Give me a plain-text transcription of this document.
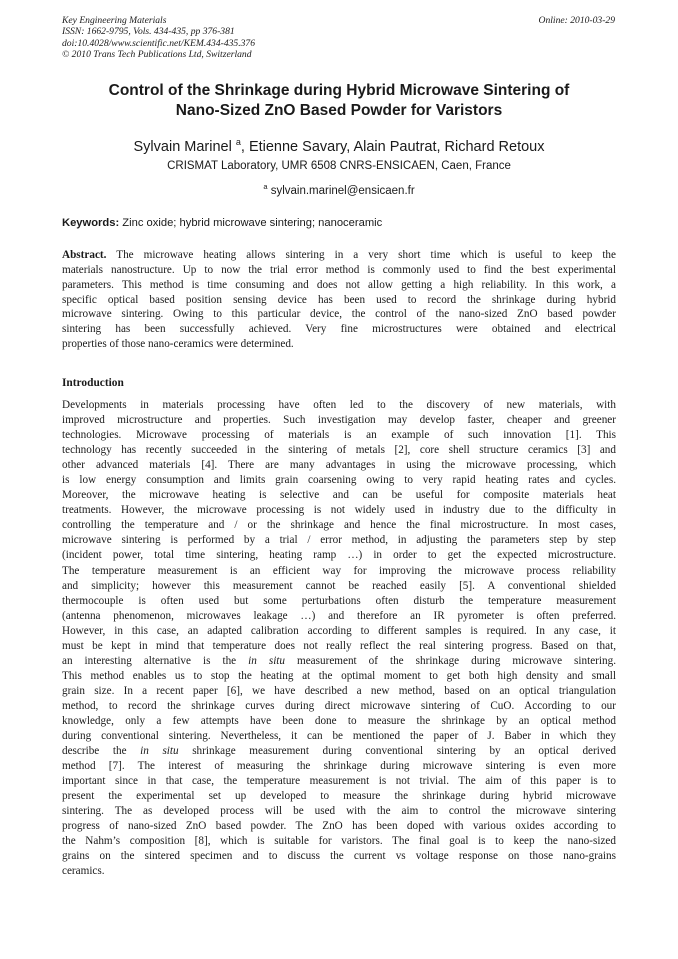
Key Engineering Materials
ISSN: 1662-9795, Vols. 434-435, pp 376-381
doi:10.4028/www.scientific.net/KEM.434-435.376
© 2010 Trans Tech Publications Ltd, Switzerland
Online: 2010-03-29
Control of the Shrinkage during Hybrid Microwave Sintering of
Nano-Sized ZnO Based Powder for Varistors
Sylvain Marinel $^a$, Etienne Savary, Alain Pautrat, Richard Retoux
CRISMAT Laboratory, UMR 6508 CNRS-ENSICAEN, Caen, France
$^a$ sylvain.marinel@ensicaen.fr
Keywords: Zinc oxide; hybrid microwave sintering; nanoceramic
Abstract. The microwave heating allows sintering in a very short time which is useful to keep the
materials nanostructure. Up to now the trial error method is commonly used to find the best experimental
parameters. This method is time consuming and does not allow getting a high reliability. In this work, a
specific optical based position sensing device has been used to record the shrinkage during hybrid
microwave sintering. Owing to this particular device, the control of the nano-sized ZnO based powder
sintering has been successfully achieved. Very fine microstructures were obtained and electrical
properties of those nano-ceramics were determined.
Introduction
Developments in materials processing have often led to the discovery of new materials, with
improved microstructure and properties. Such investigation may develop faster, cheaper and greener
technologies. Microwave processing of materials is an example of such innovation [1]. This
technology has recently succeeded in the sintering of metals [2], core shell structure ceramics [3] and
other advanced materials [4]. There are many advantages in using the microwave processing, which
is low energy consumption and limits grain coarsening owing to very rapid heating rates and cycles.
Moreover, the microwave heating is selective and can be useful for composite materials heat
treatments. However, the microwave processing is not widely used in industry due to the difficulty in
controlling the temperature and / or the shrinkage and hence the final microstructure. In most cases,
microwave sintering is performed by a trial / error method, in adjusting the parameters step by step
(incident power, total time sintering, heating ramp …) in order to get the expected microstructure.
The temperature measurement is an efficient way for improving the microwave process reliability
and simplicity; however this measurement cannot be reached easily [5]. A conventional shielded
thermocouple is often used but some perturbations often disturb the temperature measurement
(antenna phenomenon, microwaves leakage …) and therefore an IR pyrometer is often preferred.
However, in this case, an adapted calibration according to different samples is required. In any case, it
must be kept in mind that temperature does not really reflect the real sintering progress. Based on that,
an interesting alternative is the in situ measurement of the shrinkage during microwave sintering.
This method enables us to stop the heating at the optimal moment to get both high density and small
grain size. In a recent paper [6], we have described a new method, based on an optical triangulation
method, to record the shrinkage curves during direct microwave sintering of CuO. According to our
knowledge, only a few attempts have been done to measure the shrinkage by an optical method
during conventional sintering. Nevertheless, it can be mentioned the paper of J. Baber in which they
describe the in situ shrinkage measurement during conventional sintering by an optical derived
method [7]. The interest of measuring the shrinkage during microwave sintering is even more
important since in that case, the temperature measurement is not trivial. The aim of this paper is to
present the experimental set up developed to measure the shrinkage during hybrid microwave
sintering. The as developed process will be used with the aim to control the microwave sintering
progress of nano-sized ZnO based powder. The ZnO has been doped with various oxides according to
the Nahm’s composition [8], which is suitable for varistors. The final goal is to keep the nano-sized
grains on the sintered specimen and to discuss the current vs voltage response on those nano-grains
ceramics.
